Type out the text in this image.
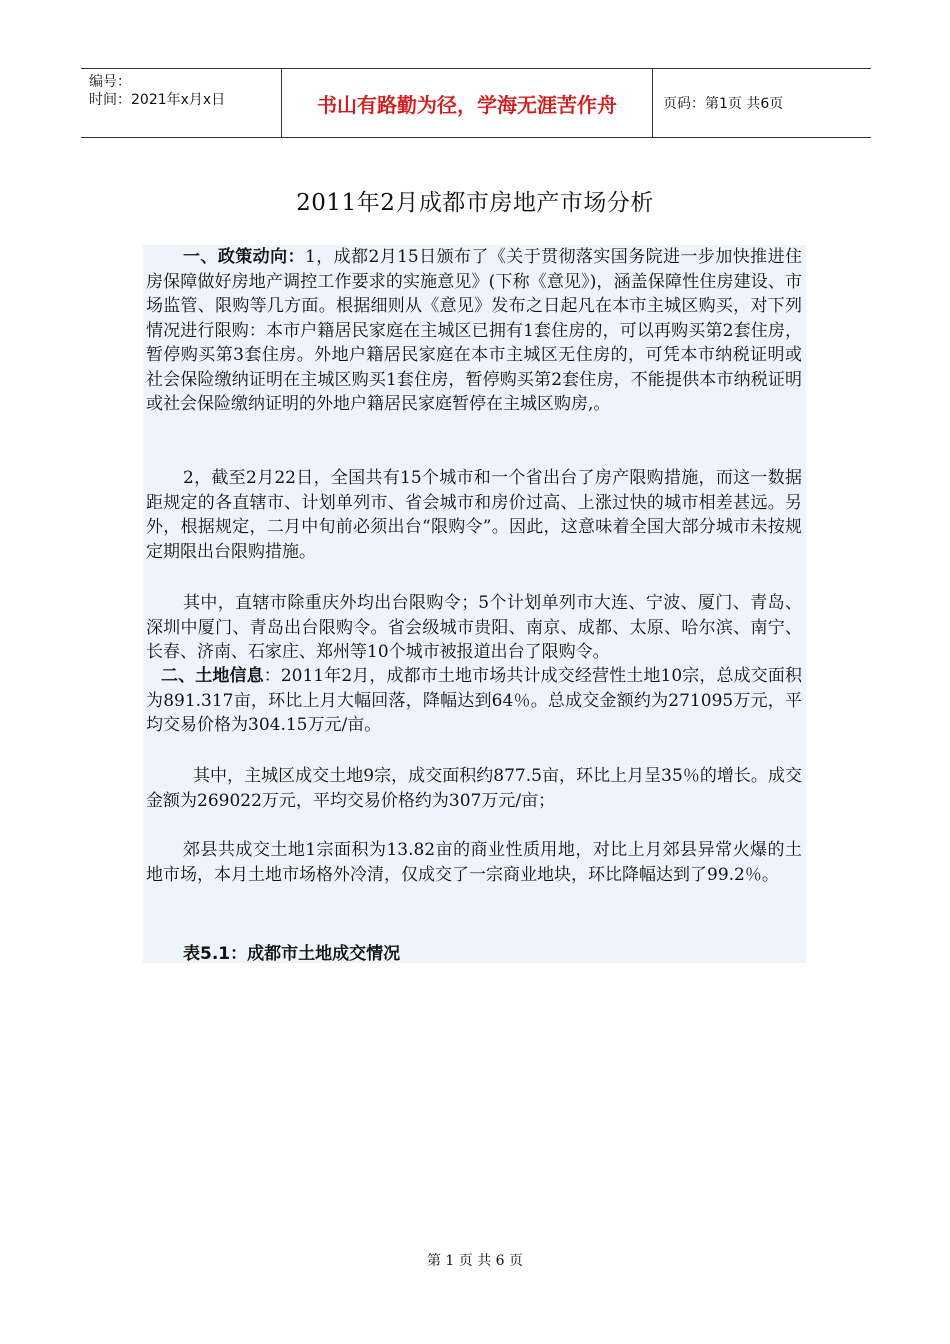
编号：
时间：2021年x月x日	书山有路勤为径，学海无涯苦作舟	页码：第1页 共6页
2011年2月成都市房地产市场分析

一、政策动向：1，成都2月15日颁布了《关于贯彻落实国务院进一步加快推进住房保障做好房地产调控工作要求的实施意见》(下称《意见》)，涵盖保障性住房建设、市场监管、限购等几方面。根据细则从《意见》发布之日起凡在本市主城区购买，对下列情况进行限购：本市户籍居民家庭在主城区已拥有1套住房的，可以再购买第2套住房，暂停购买第3套住房。外地户籍居民家庭在本市主城区无住房的，可凭本市纳税证明或社会保险缴纳证明在主城区购买1套住房，暂停购买第2套住房，不能提供本市纳税证明或社会保险缴纳证明的外地户籍居民家庭暂停在主城区购房,。

2，截至2月22日，全国共有15个城市和一个省出台了房产限购措施，而这一数据距规定的各直辖市、计划单列市、省会城市和房价过高、上涨过快的城市相差甚远。另外，根据规定，二月中旬前必须出台“限购令”。因此，这意味着全国大部分城市未按规定期限出台限购措施。

其中，直辖市除重庆外均出台限购令；5个计划单列市大连、宁波、厦门、青岛、深圳中厦门、青岛出台限购令。省会级城市贵阳、南京、成都、太原、哈尔滨、南宁、长春、济南、石家庄、郑州等10个城市被报道出台了限购令。

二、土地信息：2011年2月，成都市土地市场共计成交经营性土地10宗，总成交面积为891.317亩，环比上月大幅回落，降幅达到64％。总成交金额约为271095万元，平均交易价格为304.15万元/亩。

其中，主城区成交土地9宗，成交面积约877.5亩，环比上月呈35％的增长。成交金额为269022万元，平均交易价格约为307万元/亩；

郊县共成交土地1宗面积为13.82亩的商业性质用地，对比上月郊县异常火爆的土地市场，本月土地市场格外冷清，仅成交了一宗商业地块，环比降幅达到了99.2％。

表5.1：成都市土地成交情况
第 1 页 共 6 页
